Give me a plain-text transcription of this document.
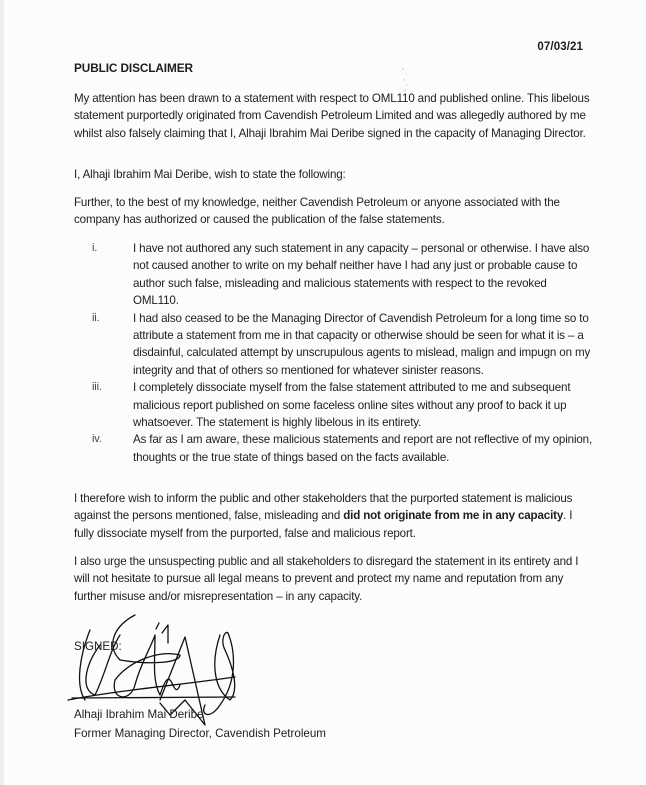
07/03/21
PUBLIC DISCLAIMER

My attention has been drawn to a statement with respect to OML110 and published online. This libelous statement purportedly originated from Cavendish Petroleum Limited and was allegedly authored by me whilst also falsely claiming that I, Alhaji Ibrahim Mai Deribe signed in the capacity of Managing Director.

I, Alhaji Ibrahim Mai Deribe, wish to state the following:

Further, to the best of my knowledge, neither Cavendish Petroleum or anyone associated with the company has authorized or caused the publication of the false statements.

i.	I have not authored any such statement in any capacity – personal or otherwise. I have also not caused another to write on my behalf neither have I had any just or probable cause to author such false, misleading and malicious statements with respect to the revoked OML110.
ii.	I had also ceased to be the Managing Director of Cavendish Petroleum for a long time so to attribute a statement from me in that capacity or otherwise should be seen for what it is – a disdainful, calculated attempt by unscrupulous agents to mislead, malign and impugn on my integrity and that of others so mentioned for whatever sinister reasons.
iii.	I completely dissociate myself from the false statement attributed to me and subsequent malicious report published on some faceless online sites without any proof to back it up whatsoever. The statement is highly libelous in its entirety.
iv.	As far as I am aware, these malicious statements and report are not reflective of my opinion, thoughts or the true state of things based on the facts available.

I therefore wish to inform the public and other stakeholders that the purported statement is malicious against the persons mentioned, false, misleading and did not originate from me in any capacity. I fully dissociate myself from the purported, false and malicious report.

I also urge the unsuspecting public and all stakeholders to disregard the statement in its entirety and I will not hesitate to pursue all legal means to prevent and protect my name and reputation from any further misuse and/or misrepresentation – in any capacity.

SIGNED:
Alhaji Ibrahim Mai Deribe
Former Managing Director, Cavendish Petroleum
